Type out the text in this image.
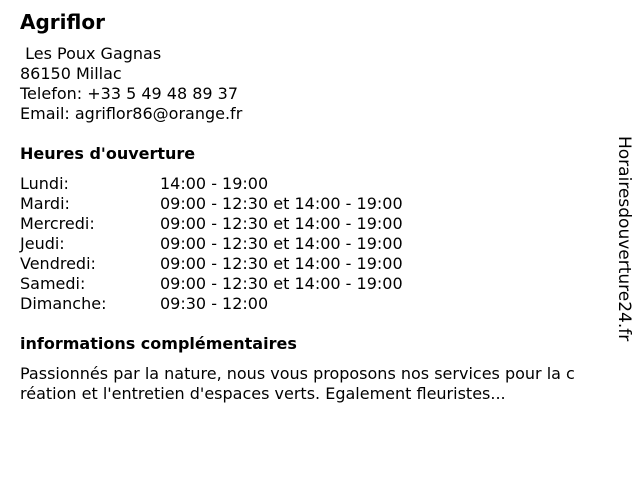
Agriflor
Les Poux Gagnas
86150 Millac
Telefon: +33 5 49 48 89 37
Email: agriflor86@orange.fr
Heures d'ouverture
Lundi:	14:00 - 19:00
Mardi:	09:00 - 12:30 et 14:00 - 19:00
Mercredi:	09:00 - 12:30 et 14:00 - 19:00
Jeudi:	09:00 - 12:30 et 14:00 - 19:00
Vendredi:	09:00 - 12:30 et 14:00 - 19:00
Samedi:	09:00 - 12:30 et 14:00 - 19:00
Dimanche:	09:30 - 12:00
informations complémentaires
Passionnés par la nature, nous vous proposons nos services pour la c
réation et l'entretien d'espaces verts. Egalement fleuristes...
Horairesdouverture24.fr
